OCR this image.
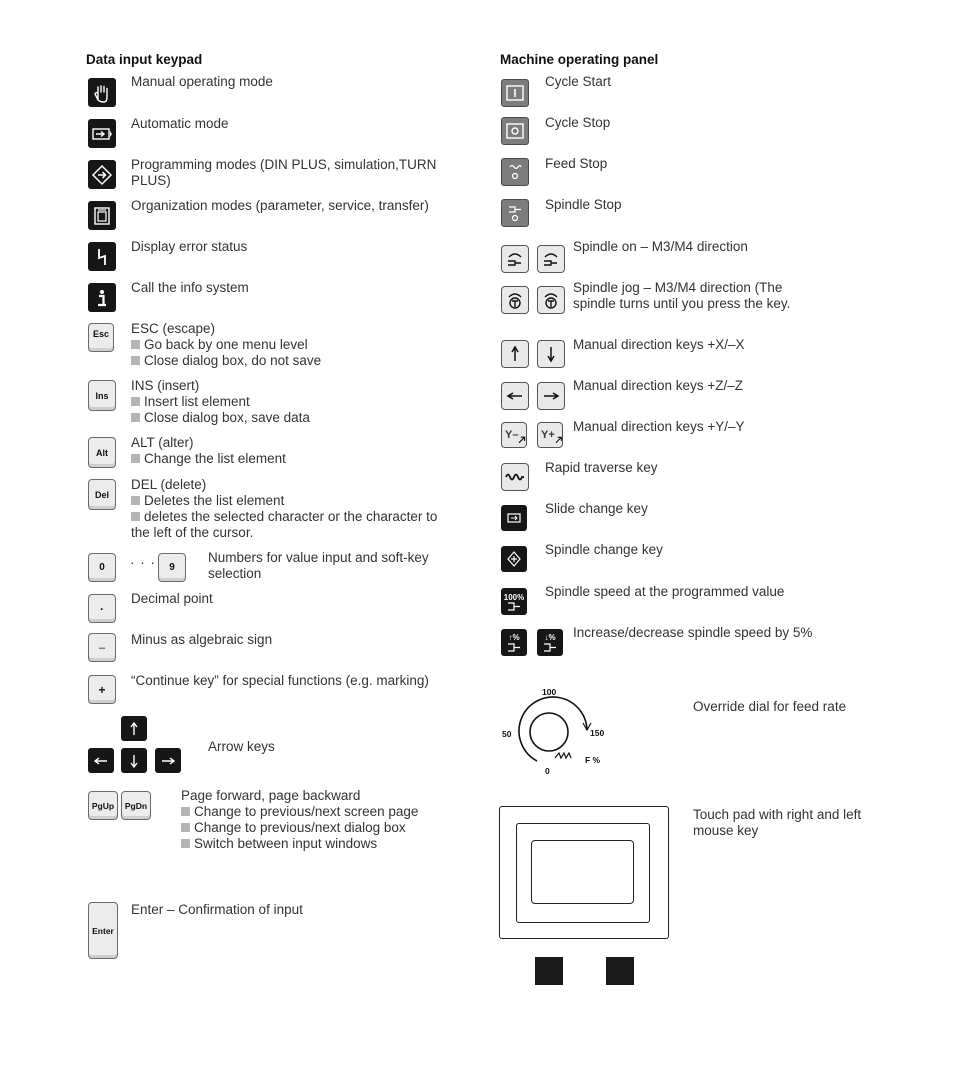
Data input keypad
Manual operating mode
Automatic mode
Programming modes (DIN PLUS, simulation,TURN
PLUS)
Organization modes (parameter, service, transfer)
Display error status
Call the info system
Esc	ESC (escape)
Go back by one menu level
Close dialog box, do not save
Ins
INS (insert)
Insert list element
Close dialog box, save data
Alt
ALT (alter)
Change the list element
Del
DEL (delete)
Deletes the list element
deletes the selected character or the character to
the left of the cursor.
0	· · ·	9
Numbers for value input and soft-key
selection
·
Decimal point
–
Minus as algebraic sign
+
“Continue key” for special functions (e.g. marking)
Arrow keys
PgUp	PgDn
Page forward, page backward
Change to previous/next screen page
Change to previous/next dialog box
Switch between input windows
Enter
Enter – Confirmation of input
Machine operating panel
Cycle Start
Cycle Stop
Feed Stop
Spindle Stop
Spindle on – M3/M4 direction
Spindle jog – M3/M4 direction (The
spindle turns until you press the key.
Manual direction keys +X/–X
Manual direction keys +Z/–Z
Y– Y+
Manual direction keys +Y/–Y
Rapid traverse key
Slide change key
Spindle change key
100% Spindle speed at the programmed value
↑%	↓% Increase/decrease spindle speed by 5%
100
50	150
0
F %
Override dial for feed rate
Touch pad with right and left
mouse key
